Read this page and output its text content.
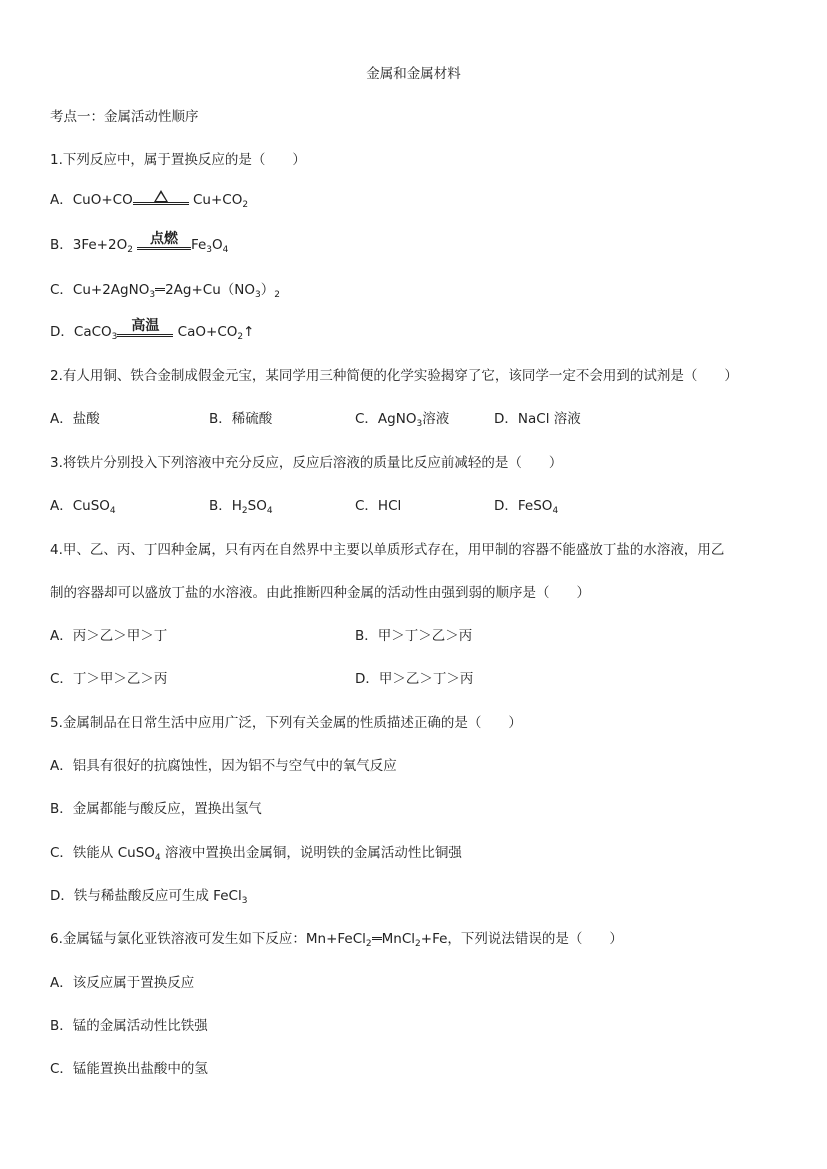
金属和金属材料
考点一：金属活动性顺序
1.下列反应中，属于置换反应的是（　　）
A．CuO+CO	$Cu+CO_2$
B．$3Fe+2O_2$
点燃 $Fe_3O_4$
C．Cu+2AgNO$_3$ $2Ag+Cu(NO_3)_2$
D．CaCO$_3$
高温	$CaO+CO_2↑$
2.有人用铜、铁合金制成假金元宝，某同学用三种简便的化学实验揭穿了它，该同学一定不会用到的试剂是（　　）
A．盐酸	B．稀硫酸	C．AgNO$_3$溶液	D．NaCl 溶液
3.将铁片分别投入下列溶液中充分反应，反应后溶液的质量比反应前减轻的是（　　）
A．CuSO$_4$	B．$H_2SO_4$	C．HCl	D．FeSO$_4$
4.甲、乙、丙、丁四种金属，只有丙在自然界中主要以单质形式存在，用甲制的容器不能盛放丁盐的水溶液，用乙
制的容器却可以盛放丁盐的水溶液。由此推断四种金属的活动性由强到弱的顺序是（　　）
A．丙＞乙＞甲＞丁	B．甲＞丁＞乙＞丙
C．丁＞甲＞乙＞丙	D．甲＞乙＞丁＞丙
5.金属制品在日常生活中应用广泛，下列有关金属的性质描述正确的是（　　）
A．铝具有很好的抗腐蚀性，因为铝不与空气中的氧气反应
B．金属都能与酸反应，置换出氢气
C．铁能从 CuSO$_4$ 溶液中置换出金属铜，说明铁的金属活动性比铜强
D．铁与稀盐酸反应可生成 FeCl$_3$
6.金属锰与氯化亚铁溶液可发生如下反应：Mn+FeCl$_2$ MnCl$_2$+Fe，下列说法错误的是（　　）
A．该反应属于置换反应
B．锰的金属活动性比铁强
C．锰能置换出盐酸中的氢
